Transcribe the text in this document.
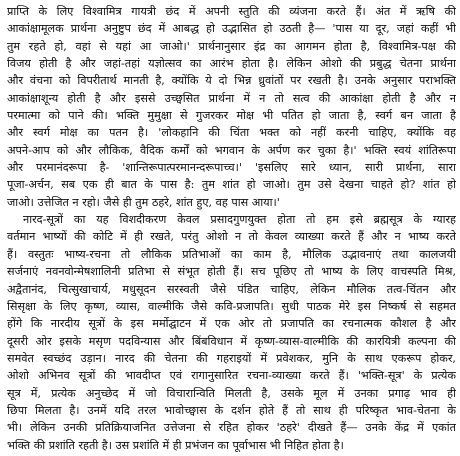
प्राप्ति के लिए विश्वामित्र गायत्री छंद में अपनी स्तुति की व्यंजना करते हैं। अंत में ऋषि की
आकांक्षामूलक प्रार्थना अनुष्टुप छंद में आबद्ध हो उद्भासित हो उठती है— 'पास या दूर, जहां कहीं भी
तुम रहते हो, वहां से यहां आ जाओ।' प्रार्थनानुसार इंद्र का आगमन होता है, विश्वामित्र-पक्ष की
विजय होती है और जहां-तहां यज्ञोत्सव का आरंभ होता है। लेकिन ओशो की प्रबुद्ध चेतना प्रार्थना
और वंचना को विपरीतार्थ मानती है, क्योंकि ये दो भिन्न ध्रुवांतों पर रखती है। उनके अनुसार पराभक्ति
आकांक्षाशून्य होती है और इससे उच्छ्वसित प्रार्थना में न तो सत्व की आकांक्षा होती है और न
परमात्मा को पाने की। भक्ति मुमुक्षा से गुजरकर मोक्ष भी पतित हो जाता है, स्वर्ग बन जाता है
और स्वर्ग मोक्ष का पतन है। 'लोकहानि की चिंता भक्त को नहीं करनी चाहिए, क्योंकि वह
अपने-आप को और लौकिक, वैदिक कर्मों को भगवान के अर्पण कर चुका है।' भक्ति स्वयं शांतिरूपा
और परमानंदरूपा है- 'शान्तिरूपात्परमानन्दरूपाच्च।' 'इसलिए सारे ध्यान, सारी प्रार्थना, सारा
पूजा-अर्चन, सब एक ही बात के पास है: तुम शांत हो जाओ। तुम उसे देखना चाहते हो? शांत हो
जाओ। उत्तेजित न रहो। जैसे ही तुम ठहरे, शांत हुए, वह पास आया।'
नारद-सूत्रों का यह विशदीकरण केवल प्रसादगुणयुक्त होता तो हम इसे ब्रह्मसूत्र के ग्यारह
वर्तमान भाष्यों की कोटि में ही रखते, परंतु ओशो न तो केवल व्याख्या करते हैं और न भाष्य करते
हैं। वस्तुतः भाष्य-रचना तो लौकिक प्रतिभाओं का काम है, मौलिक उद्भावनाएं तथा कालजयी
सर्जनाएं नवनवोन्मेषशालिनी प्रतिभा से संभूत होती हैं। सच पूछिए तो भाष्य के लिए वाचस्पति मिश्र,
अद्वैतानंद, चित्सुखाचार्य, मधुसूदन सरस्वती जैसे पंडित चाहिए, लेकिन मौलिक तत्व-चिंतन और
सिसृक्षा के लिए कृष्ण, व्यास, वाल्मीकि जैसे कवि-प्रजापति। सुधी पाठक मेरे इस निष्कर्ष से सहमत
होंगे कि नारदीय सूत्रों के इस मर्मोद्घाटन में एक ओर तो प्रजापति का रचनात्मक कौशल है और
दूसरी ओर इसके मसृण पदविन्यास और बिंबविधान में कृष्ण-व्यास-वाल्मीकि की कारयित्री कल्पना की
समवेत स्वच्छंद उड़ान। नारद की चेतना की गहराइयों में प्रवेशकर, मुनि के साथ एकरूप होकर,
ओशो अभिनव सूत्रों की भावदीप्त एवं रागानुसारित रचना-व्याख्या करते हैं। 'भक्ति-सूत्र' के प्रत्येक
सूत्र में, प्रत्येक अनुच्छेद में जो विचारान्विति मिलती है, उसके मूल में उनका प्रगाढ़ भाव ही
छिपा मिलता है। उनमें यदि तरल भावोच्छ्वास के दर्शन होते हैं तो साथ ही परिष्कृत भाव-चेतना के
भी। लेकिन उनकी प्रतिक्रियाजनित उत्तेजना से रहित होकर 'ठहरे' दीखते हैं— उनके केंद्र में एकांत
भक्ति की प्रशांति रहती है। उस प्रशांति में ही प्रभंजन का पूर्वाभास भी निहित होता है।
